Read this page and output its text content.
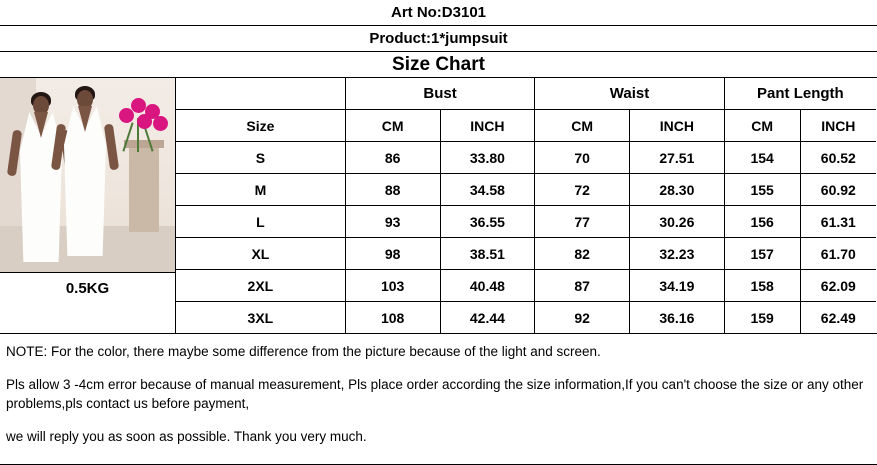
Art No:D3101
Product:1*jumpsuit
Size Chart
0.5KG
	Bust		Waist		Pant Length	
Size	CM	INCH	CM	INCH	CM	INCH
S	86	33.80	70	27.51	154	60.52
M	88	34.58	72	28.30	155	60.92
L	93	36.55	77	30.26	156	61.31
XL	98	38.51	82	32.23	157	61.70
2XL	103	40.48	87	34.19	158	62.09
3XL	108	42.44	92	36.16	159	62.49

NOTE: For the color, there maybe some difference from the picture because of the light and screen.

Pls allow 3 -4cm error because of manual measurement, Pls place order according the size information,If you can't choose the size or any other problems,pls contact us before payment,

we will reply you as soon as possible. Thank you very much.
